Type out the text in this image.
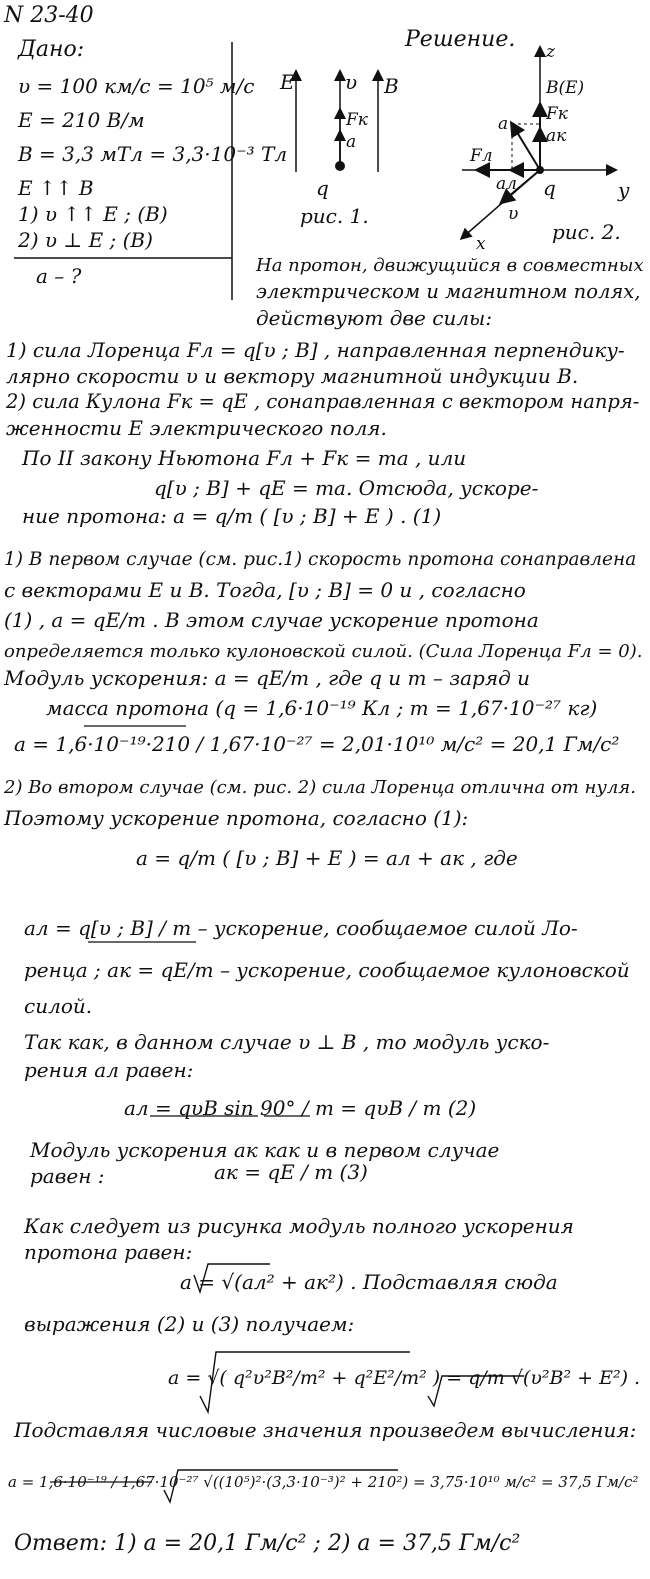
N 23-40
Дано:	Решение.
υ = 100 км/с = 10⁵ м/с
E = 210 В/м
B = 3,3 мТл = 3,3·10⁻³ Тл
E ↑↑ B
1) υ ↑↑ E ; (B)
2) υ ⊥ E ; (B)
a – ?
E	υ
Fк
a
B
q
рис. 1.
z
B(E)
Fк
aк
a
Fл
aл q	y
υ
x	рис. 2.
На протон, движущийся в совместных
электрическом и магнитном полях,
действуют две силы:
1) сила Лоренца Fл = q[υ ; B] , направленная перпендику-
лярно скорости υ и вектору магнитной индукции B.
2) сила Кулона Fк = qE , сонаправленная с вектором напря-
женности E электрического поля.
По II закону Ньютона Fл + Fк = ma , или
q[υ ; B] + qE = ma. Отсюда, ускоре-
ние протона: a = q/m ( [υ ; B] + E ) . (1)
1) В первом случае (см. рис.1) скорость протона сонаправлена
с векторами E и B. Тогда, [υ ; B] = 0 и , согласно
(1) , a = qE/m . В этом случае ускорение протона
определяется только кулоновской силой. (Сила Лоренца Fл = 0).
Модуль ускорения: a = qE/m , где q и m – заряд и
масса протона (q = 1,6·10⁻¹⁹ Кл ; m = 1,67·10⁻²⁷ кг)
a = 1,6·10⁻¹⁹·210 / 1,67·10⁻²⁷ = 2,01·10¹⁰ м/с² = 20,1 Гм/с²
2) Во втором случае (см. рис. 2) сила Лоренца отлична от нуля.
Поэтому ускорение протона, согласно (1):
a = q/m ( [υ ; B] + E ) = aл + aк , где
aл = q[υ ; B] / m – ускорение, сообщаемое силой Ло-
ренца ; aк = qE/m – ускорение, сообщаемое кулоновской
силой.
Так как, в данном случае υ ⊥ B , то модуль уско-
рения aл равен:
aл = qυB sin 90° / m = qυB / m (2)
Модуль ускорения aк как и в первом случае
равен :	aк = qE / m (3)
Как следует из рисунка модуль полного ускорения
протона равен:
a = √(aл² + aк²) . Подставляя сюда
выражения (2) и (3) получаем:
a = √( q²υ²B²/m² + q²E²/m² ) = q/m √(υ²B² + E²) .
Подставляя числовые значения произведем вычисления:
a = 1,6·10⁻¹⁹ / 1,67·10⁻²⁷ √((10⁵)²·(3,3·10⁻³)² + 210²) = 3,75·10¹⁰ м/с² = 37,5 Гм/с²
Ответ: 1) a = 20,1 Гм/с² ; 2) a = 37,5 Гм/с²
